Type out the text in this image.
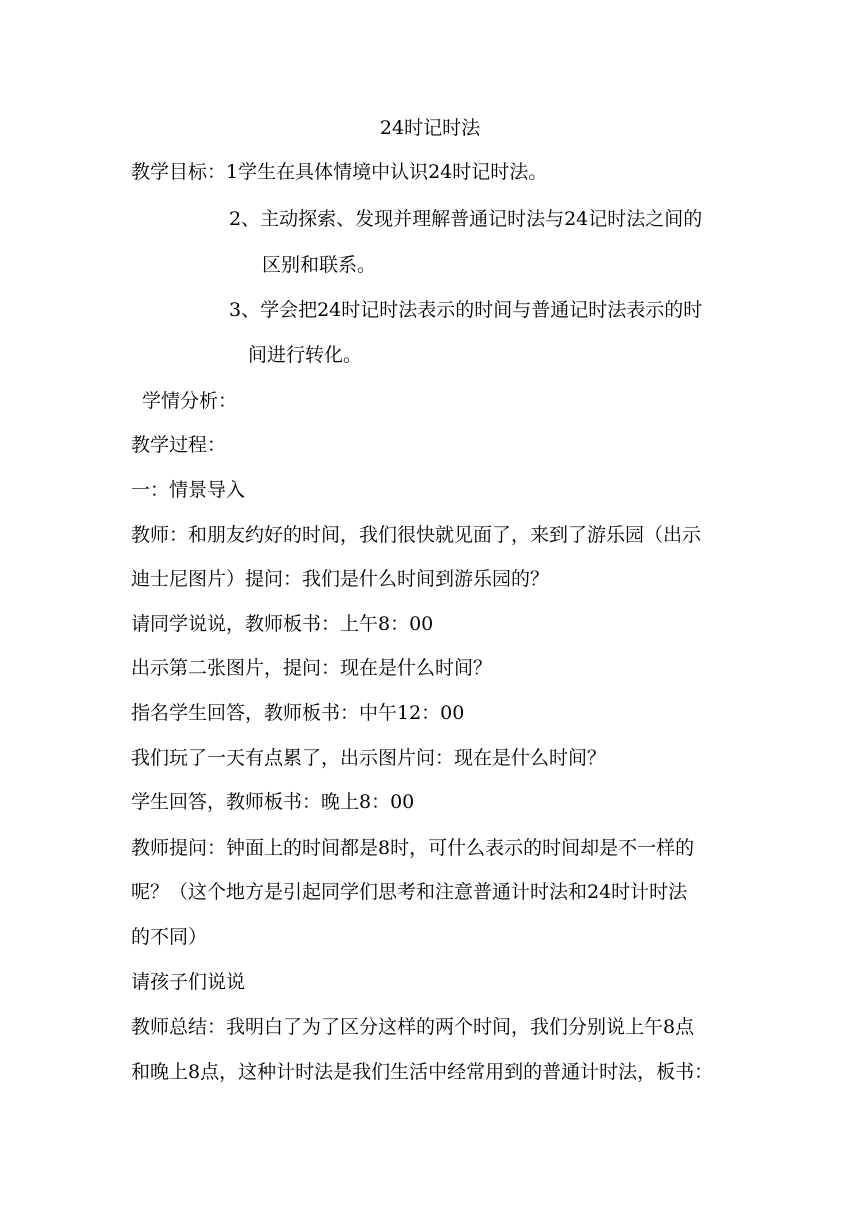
24时记时法
教学目标：1学生在具体情境中认识24时记时法。
2、主动探索、发现并理解普通记时法与24记时法之间的
区别和联系。
3、学会把24时记时法表示的时间与普通记时法表示的时
间进行转化。
学情分析：
教学过程：
一：情景导入
教师：和朋友约好的时间，我们很快就见面了，来到了游乐园（出示
迪士尼图片）提问：我们是什么时间到游乐园的？
请同学说说，教师板书：上午8：00
出示第二张图片，提问：现在是什么时间？
指名学生回答，教师板书：中午12：00
我们玩了一天有点累了，出示图片问：现在是什么时间？
学生回答，教师板书：晚上8：00
教师提问：钟面上的时间都是8时，可什么表示的时间却是不一样的
呢？（这个地方是引起同学们思考和注意普通计时法和24时计时法
的不同）
请孩子们说说
教师总结：我明白了为了区分这样的两个时间，我们分别说上午8点
和晚上8点，这种计时法是我们生活中经常用到的普通计时法，板书：
